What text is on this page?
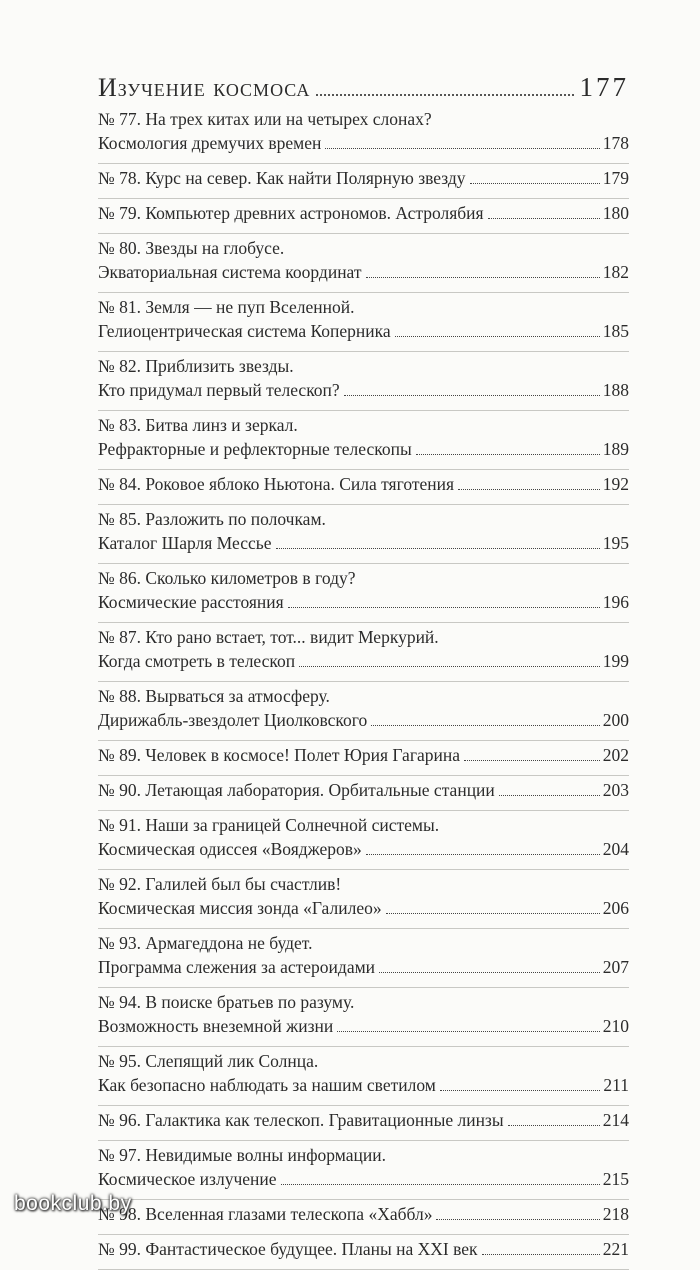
Изучение космоса	177
№ 77. На трех китах или на четырех слонах?
Космология дремучих времен	178
№ 78. Курс на север. Как найти Полярную звезду	179
№ 79. Компьютер древних астрономов. Астролябия	180
№ 80. Звезды на глобусе.
Экваториальная система координат	182
№ 81. Земля — не пуп Вселенной.
Гелиоцентрическая система Коперника	185
№ 82. Приблизить звезды.
Кто придумал первый телескоп?	188
№ 83. Битва линз и зеркал.
Рефракторные и рефлекторные телескопы	189
№ 84. Роковое яблоко Ньютона. Сила тяготения	192
№ 85. Разложить по полочкам.
Каталог Шарля Мессье	195
№ 86. Сколько километров в году?
Космические расстояния	196
№ 87. Кто рано встает, тот... видит Меркурий.
Когда смотреть в телескоп	199
№ 88. Вырваться за атмосферу.
Дирижабль-звездолет Циолковского	200
№ 89. Человек в космосе! Полет Юрия Гагарина	202
№ 90. Летающая лаборатория. Орбитальные станции	203
№ 91. Наши за границей Солнечной системы.
Космическая одиссея «Вояджеров»	204
№ 92. Галилей был бы счастлив!
Космическая миссия зонда «Галилео»	206
№ 93. Армагеддона не будет.
Программа слежения за астероидами	207
№ 94. В поиске братьев по разуму.
Возможность внеземной жизни	210
№ 95. Слепящий лик Солнца.
Как безопасно наблюдать за нашим светилом	211
№ 96. Галактика как телескоп. Гравитационные линзы	214
№ 97. Невидимые волны информации.
Космическое излучение	215
№ 98. Вселенная глазами телескопа «Хаббл»	218
№ 99. Фантастическое будущее. Планы на XXI век	221
bookclub.by
